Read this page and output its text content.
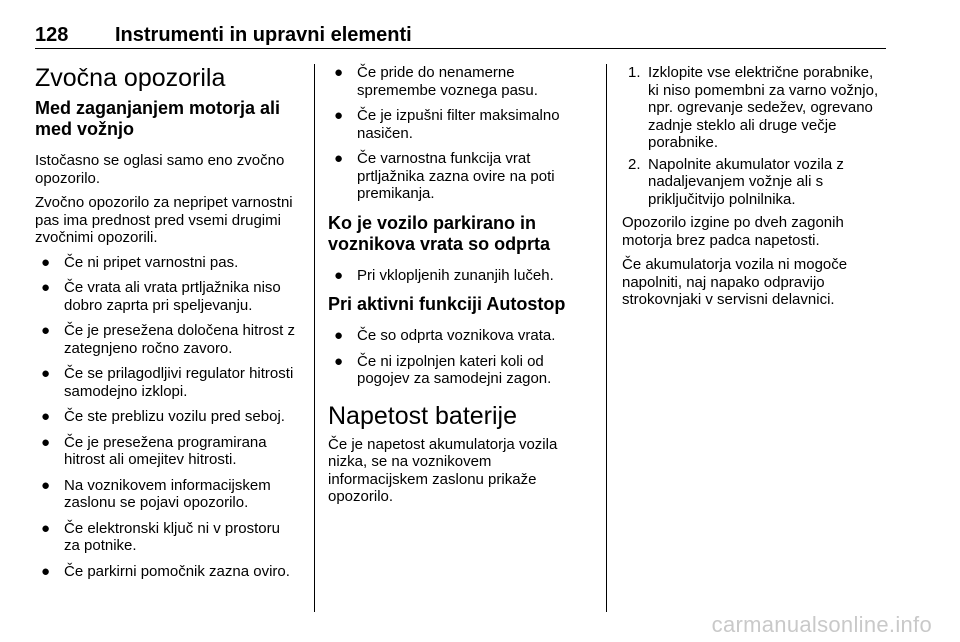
128 Instrumenti in upravni elementi
Zvočna opozorila
Med zaganjanjem motorja ali med vožnjo

Istočasno se oglasi samo eno zvočno opozorilo.

Zvočno opozorilo za nepripet varnostni pas ima prednost pred vsemi drugimi zvočnimi opozorili.

● Če ni pripet varnostni pas.
● Če vrata ali vrata prtljažnika niso dobro zaprta pri speljevanju.
● Če je presežena določena hitrost z zategnjeno ročno zavoro.
● Če se prilagodljivi regulator hitrosti samodejno izklopi.
● Če ste preblizu vozilu pred seboj.
● Če je presežena programirana hitrost ali omejitev hitrosti.
● Na voznikovem informacijskem zaslonu se pojavi opozorilo.
● Če elektronski ključ ni v prostoru za potnike.
● Če parkirni pomočnik zazna oviro.
● Če pride do nenamerne spremembe voznega pasu.
● Če je izpušni filter maksimalno nasičen.
● Če varnostna funkcija vrat prtljažnika zazna ovire na poti premikanja.
Ko je vozilo parkirano in voznikova vrata so odprta
● Pri vklopljenih zunanjih lučeh.
Pri aktivni funkciji Autostop
● Če so odprta voznikova vrata.
● Če ni izpolnjen kateri koli od pogojev za samodejni zagon.
Napetost baterije

Če je napetost akumulatorja vozila nizka, se na voznikovem informacijskem zaslonu prikaže opozorilo.

1. Izklopite vse električne porabnike, ki niso pomembni za varno vožnjo, npr. ogrevanje sedežev, ogrevano zadnje steklo ali druge večje porabnike.
2. Napolnite akumulator vozila z nadaljevanjem vožnje ali s priključitvijo polnilnika.

Opozorilo izgine po dveh zagonih motorja brez padca napetosti.

Če akumulatorja vozila ni mogoče napolniti, naj napako odpravijo strokovnjaki v servisni delavnici.

carmanualsonline.info
